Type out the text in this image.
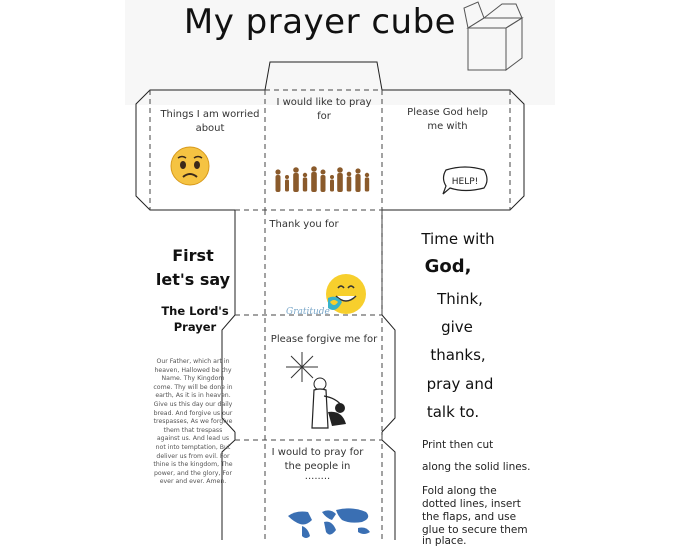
My prayer cube
Things I am worried about
I would like to pray for	Please God help me with
Thank you for
Please forgive me for
I would to pray for the people in
........
HELP!
Gratitude
First
let's say
The Lord's
Prayer
Our Father, which art in heaven, Hallowed be thy Name. Thy Kingdom come. Thy will be done in earth, As it is in heaven. Give us this day our daily bread. And forgive us our trespasses, As we forgive them that trespass against us. And lead us not into temptation, But deliver us from evil. For thine is the kingdom, The power, and the glory, For ever and ever. Amen.
Time with
God,
Think,
give
thanks,
pray and
talk to.
Print then cut
along the solid lines.
Fold along the
dotted lines, insert
the flaps, and use
glue to secure them
in place.
